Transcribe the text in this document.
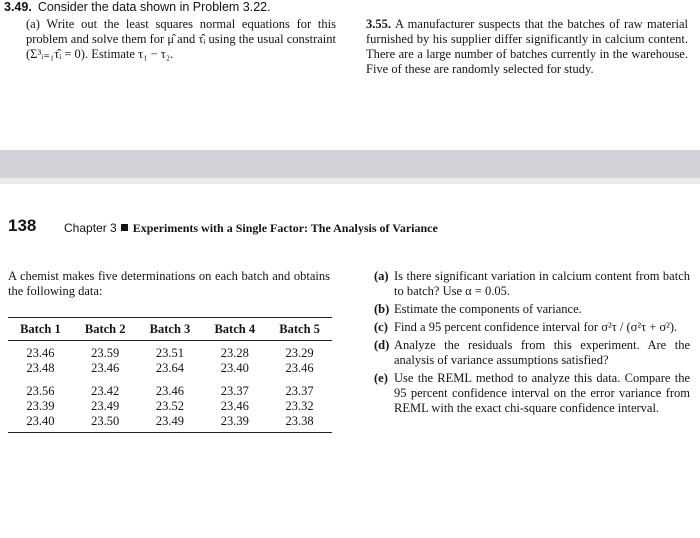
3.49. Consider the data shown in Problem 3.22.
(a) Write out the least squares normal equations for this problem and solve them for μ̂ and τ̂ᵢ using the usual constraint (Σ³ᵢ₌₁τ̂ᵢ = 0). Estimate τ₁ − τ₂.
3.55. A manufacturer suspects that the batches of raw material furnished by his supplier differ significantly in calcium content. There are a large number of batches currently in the warehouse. Five of these are randomly selected for study.
138 Chapter 3 Experiments with a Single Factor: The Analysis of Variance
A chemist makes five determinations on each batch and obtains the following data:
Batch 1	Batch 2	Batch 3	Batch 4	Batch 5
23.46	23.59	23.51	23.28	23.29
23.48	23.46	23.64	23.40	23.46
23.56	23.42	23.46	23.37	23.37
23.39	23.49	23.52	23.46	23.32
23.40	23.50	23.49	23.39	23.38
(a) Is there significant variation in calcium content from batch to batch? Use α = 0.05.
(b) Estimate the components of variance.
(c) Find a 95 percent confidence interval for σ²τ / (σ²τ + σ²).
(d) Analyze the residuals from this experiment. Are the analysis of variance assumptions satisfied?
(e) Use the REML method to analyze this data. Compare the 95 percent confidence interval on the error variance from REML with the exact chi-square confidence interval.
